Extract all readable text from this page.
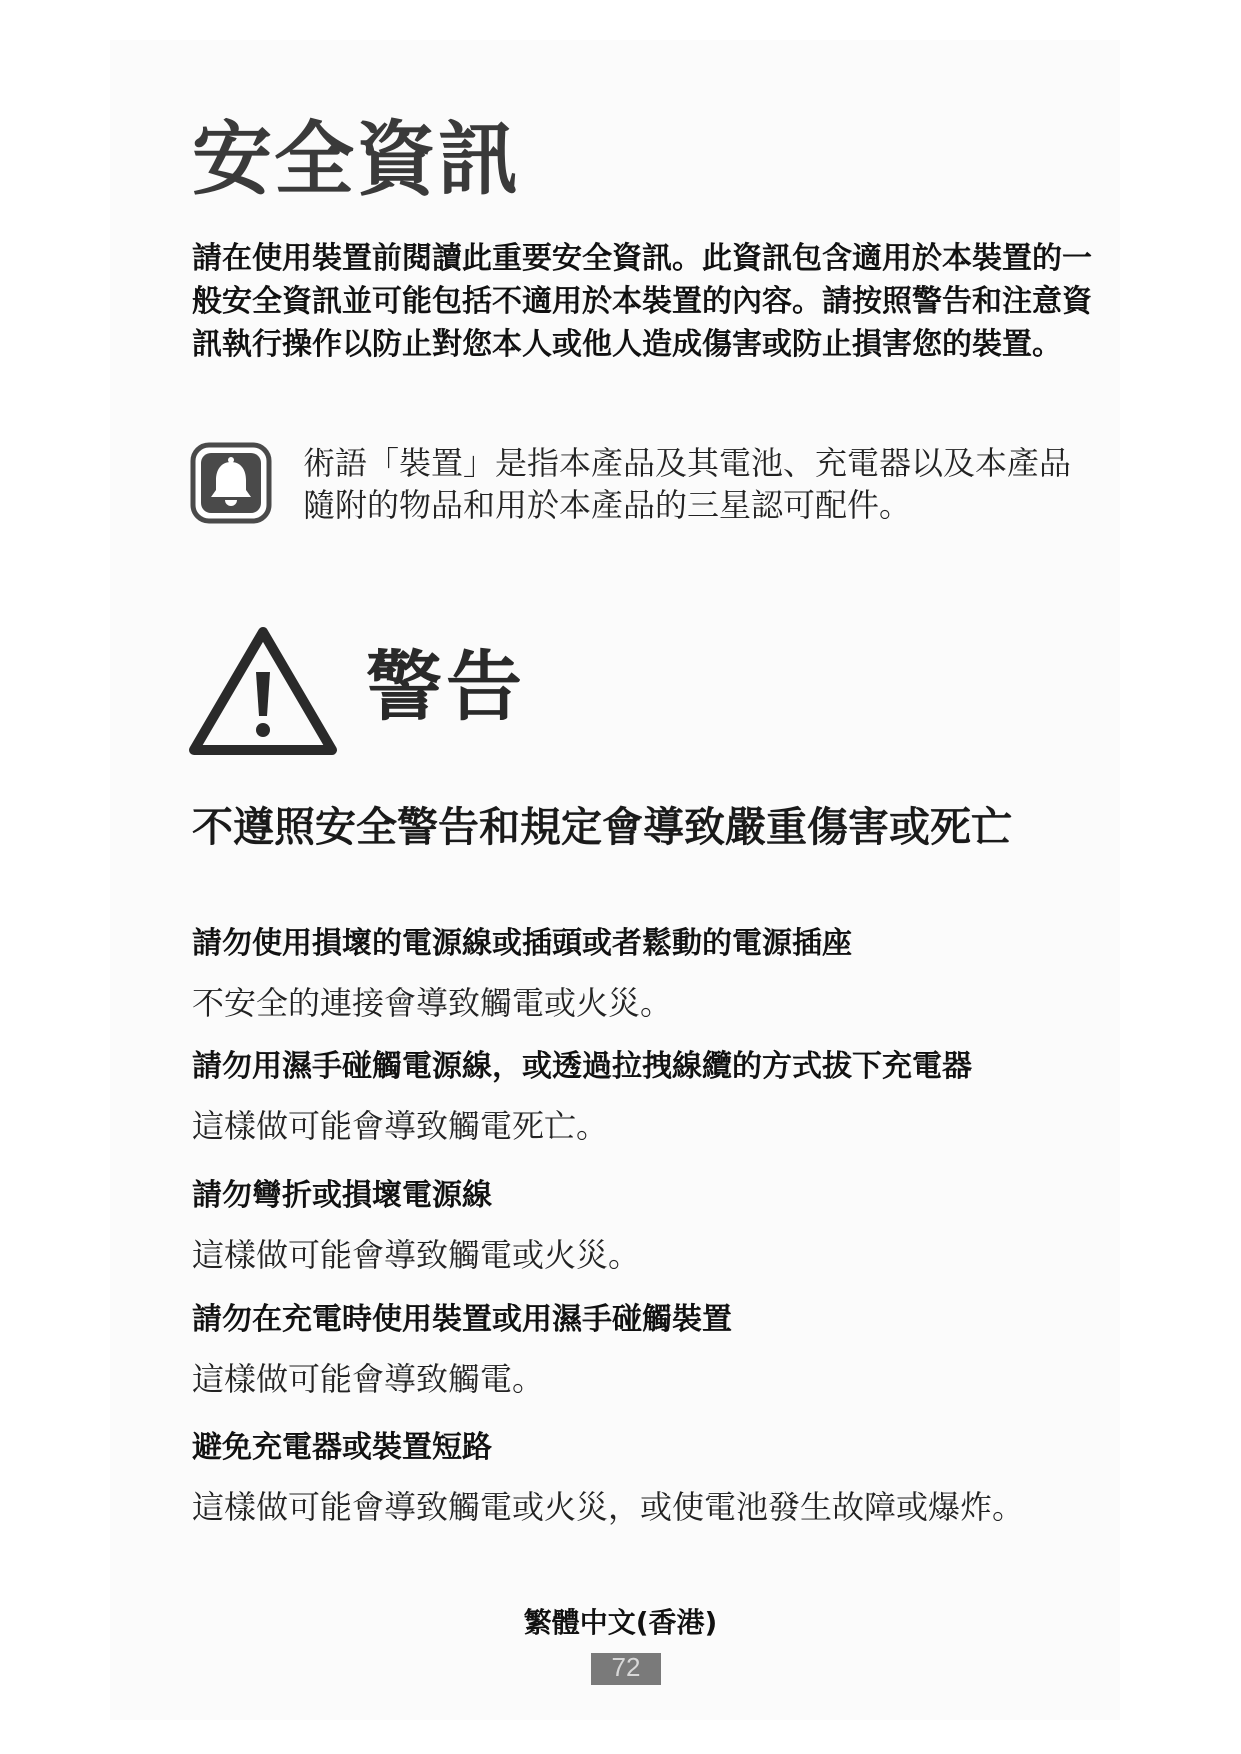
安全資訊

請在使用裝置前閱讀此重要安全資訊。此資訊包含適用於本裝置的一般安全資訊並可能包括不適用於本裝置的內容。請按照警告和注意資訊執行操作以防止對您本人或他人造成傷害或防止損害您的裝置。

術語「裝置」是指本產品及其電池、充電器以及本產品隨附的物品和用於本產品的三星認可配件。

警告
不遵照安全警告和規定會導致嚴重傷害或死亡
請勿使用損壞的電源線或插頭或者鬆動的電源插座

不安全的連接會導致觸電或火災。

請勿用濕手碰觸電源線，或透過拉拽線纜的方式拔下充電器

這樣做可能會導致觸電死亡。

請勿彎折或損壞電源線

這樣做可能會導致觸電或火災。

請勿在充電時使用裝置或用濕手碰觸裝置

這樣做可能會導致觸電。

避免充電器或裝置短路

這樣做可能會導致觸電或火災，或使電池發生故障或爆炸。

繁體中文(香港)
72
